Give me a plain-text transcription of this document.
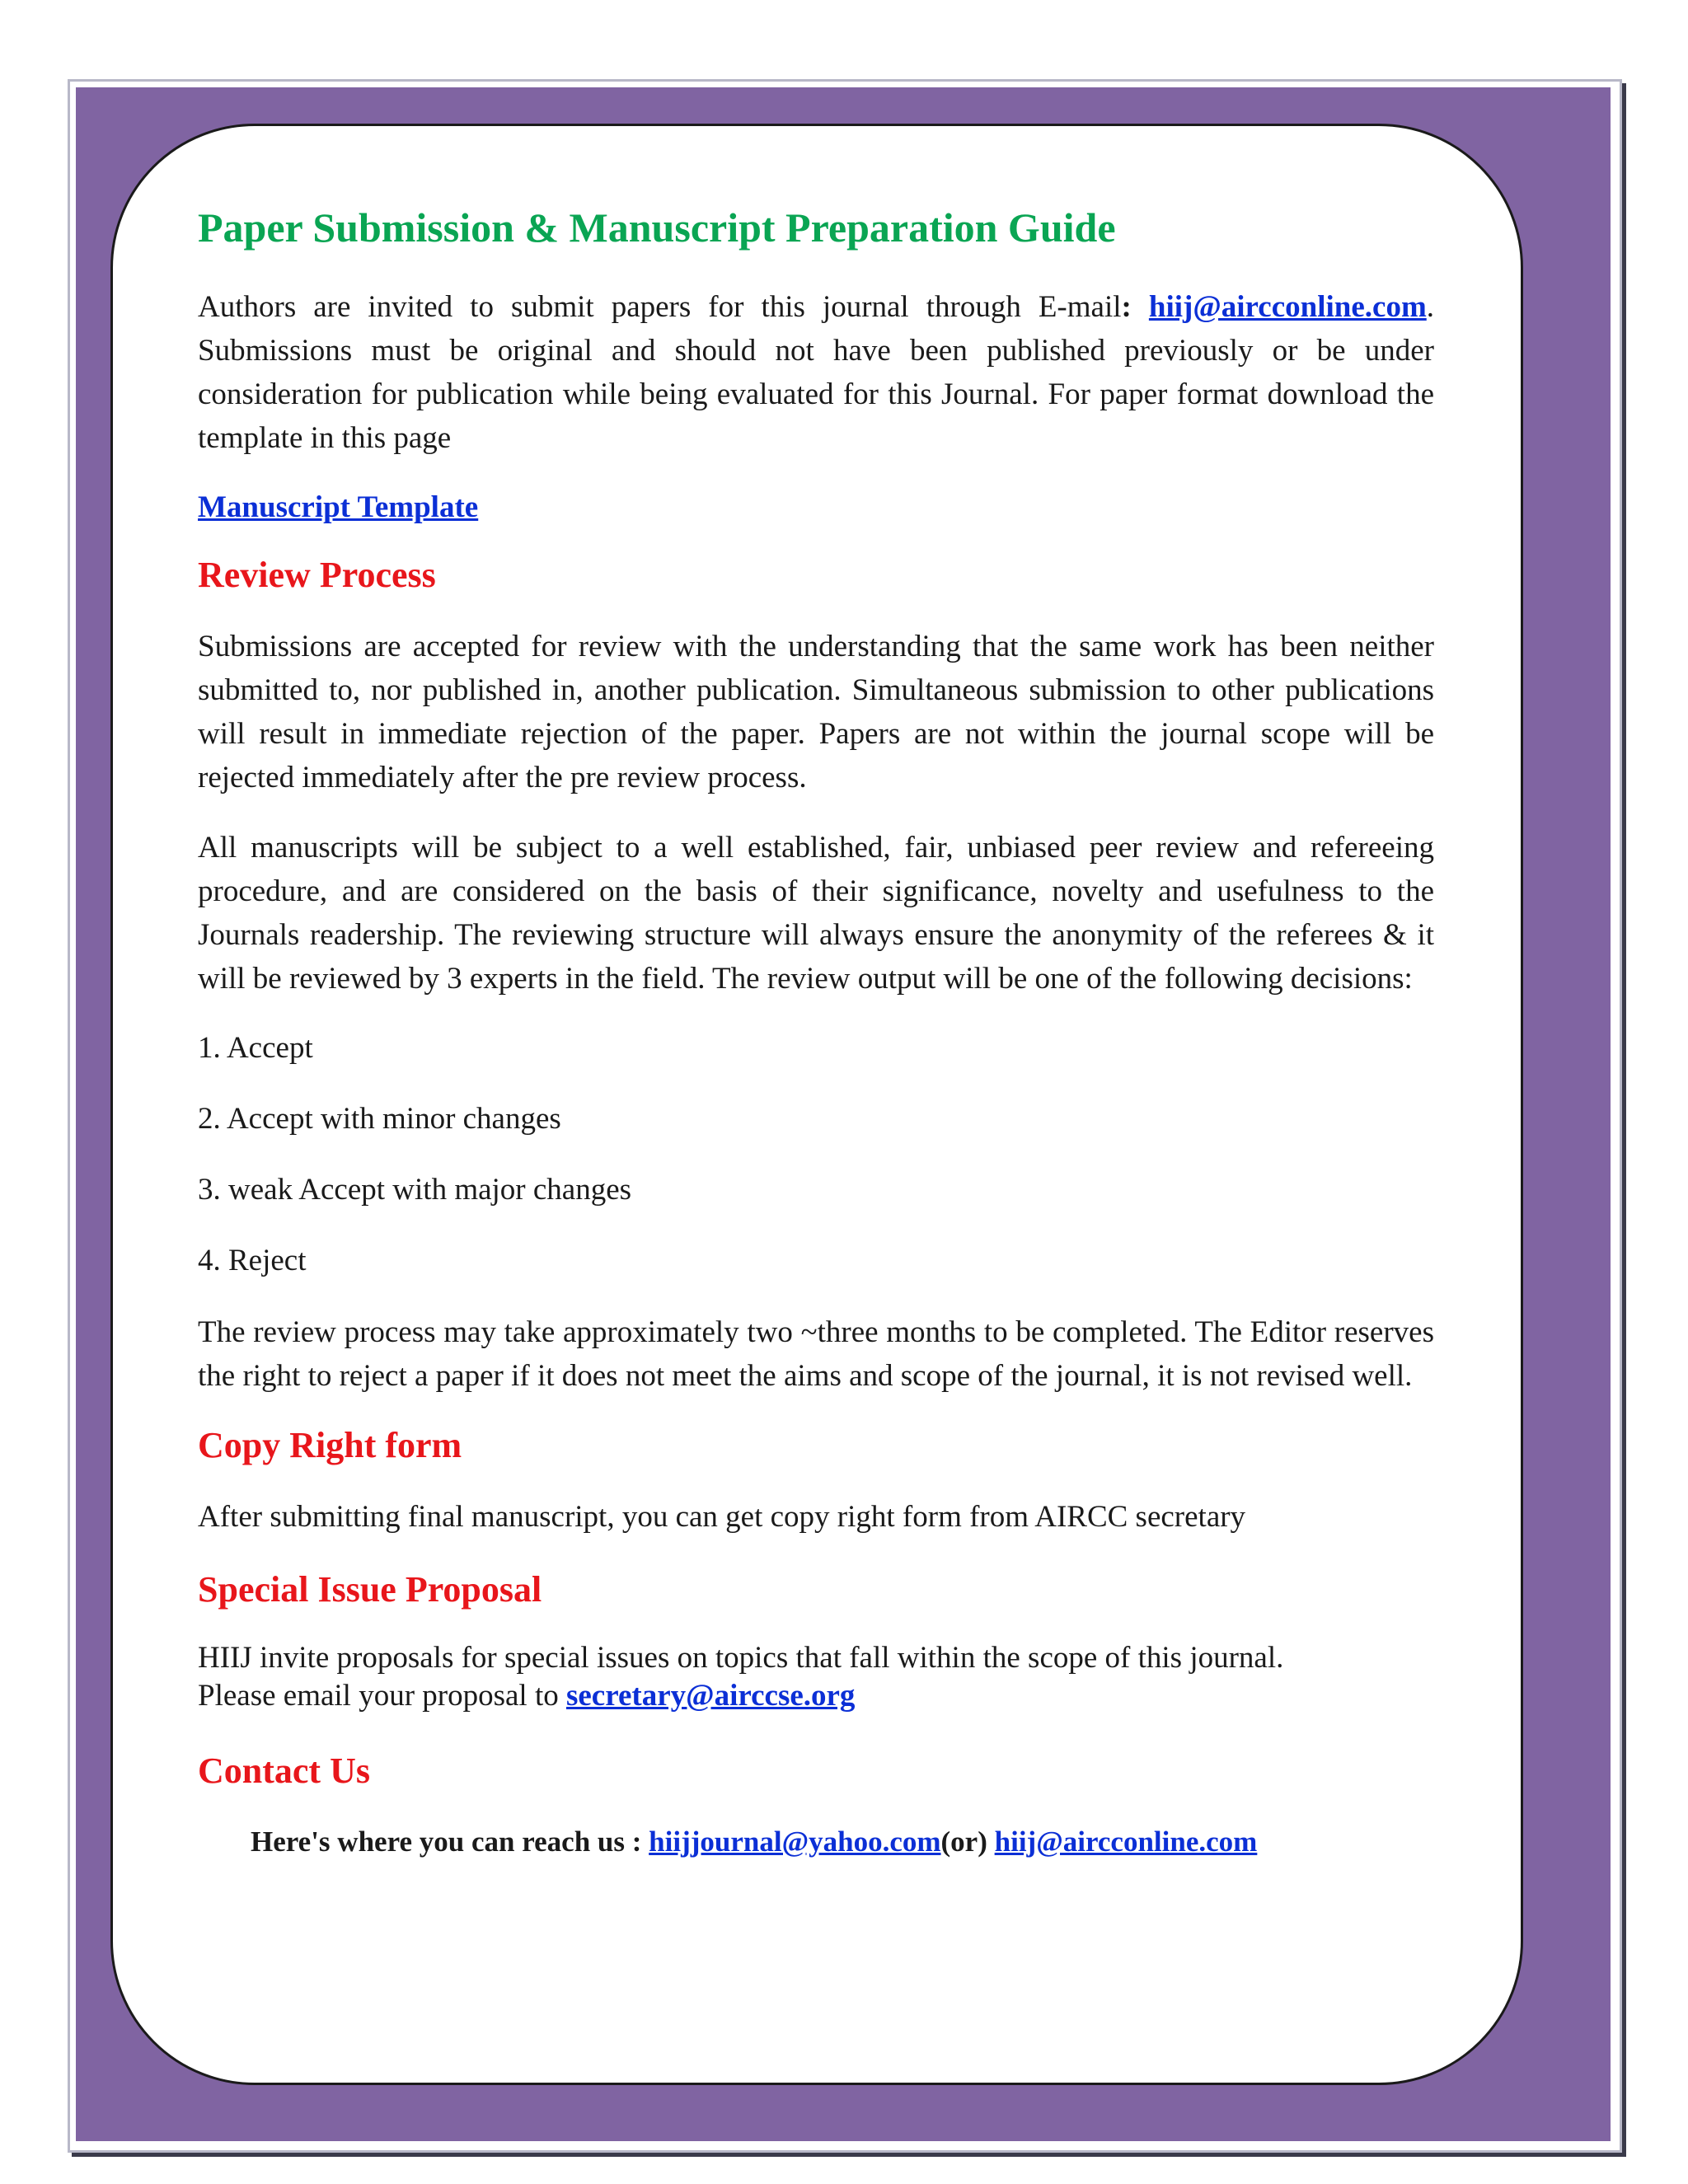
Paper Submission & Manuscript Preparation Guide

Authors are invited to submit papers for this journal through E-mail: hiij@aircconline.com. Submissions must be original and should not have been published previously or be under consideration for publication while being evaluated for this Journal. For paper format download the template in this page

Manuscript Template
Review Process

Submissions are accepted for review with the understanding that the same work has been neither submitted to, nor published in, another publication. Simultaneous submission to other publications will result in immediate rejection of the paper. Papers are not within the journal scope will be rejected immediately after the pre review process.

All manuscripts will be subject to a well established, fair, unbiased peer review and refereeing procedure, and are considered on the basis of their significance, novelty and usefulness to the Journals readership. The reviewing structure will always ensure the anonymity of the referees & it will be reviewed by 3 experts in the field. The review output will be one of the following decisions:

1. Accept
2. Accept with minor changes
3. weak Accept with major changes
4. Reject

The review process may take approximately two ~three months to be completed. The Editor reserves the right to reject a paper if it does not meet the aims and scope of the journal, it is not revised well.

Copy Right form

After submitting final manuscript, you can get copy right form from AIRCC secretary

Special Issue Proposal
HIIJ invite proposals for special issues on topics that fall within the scope of this journal.
Please email your proposal to secretary@airccse.org
Contact Us
Here's where you can reach us : hiijjournal@yahoo.com(or) hiij@aircconline.com
